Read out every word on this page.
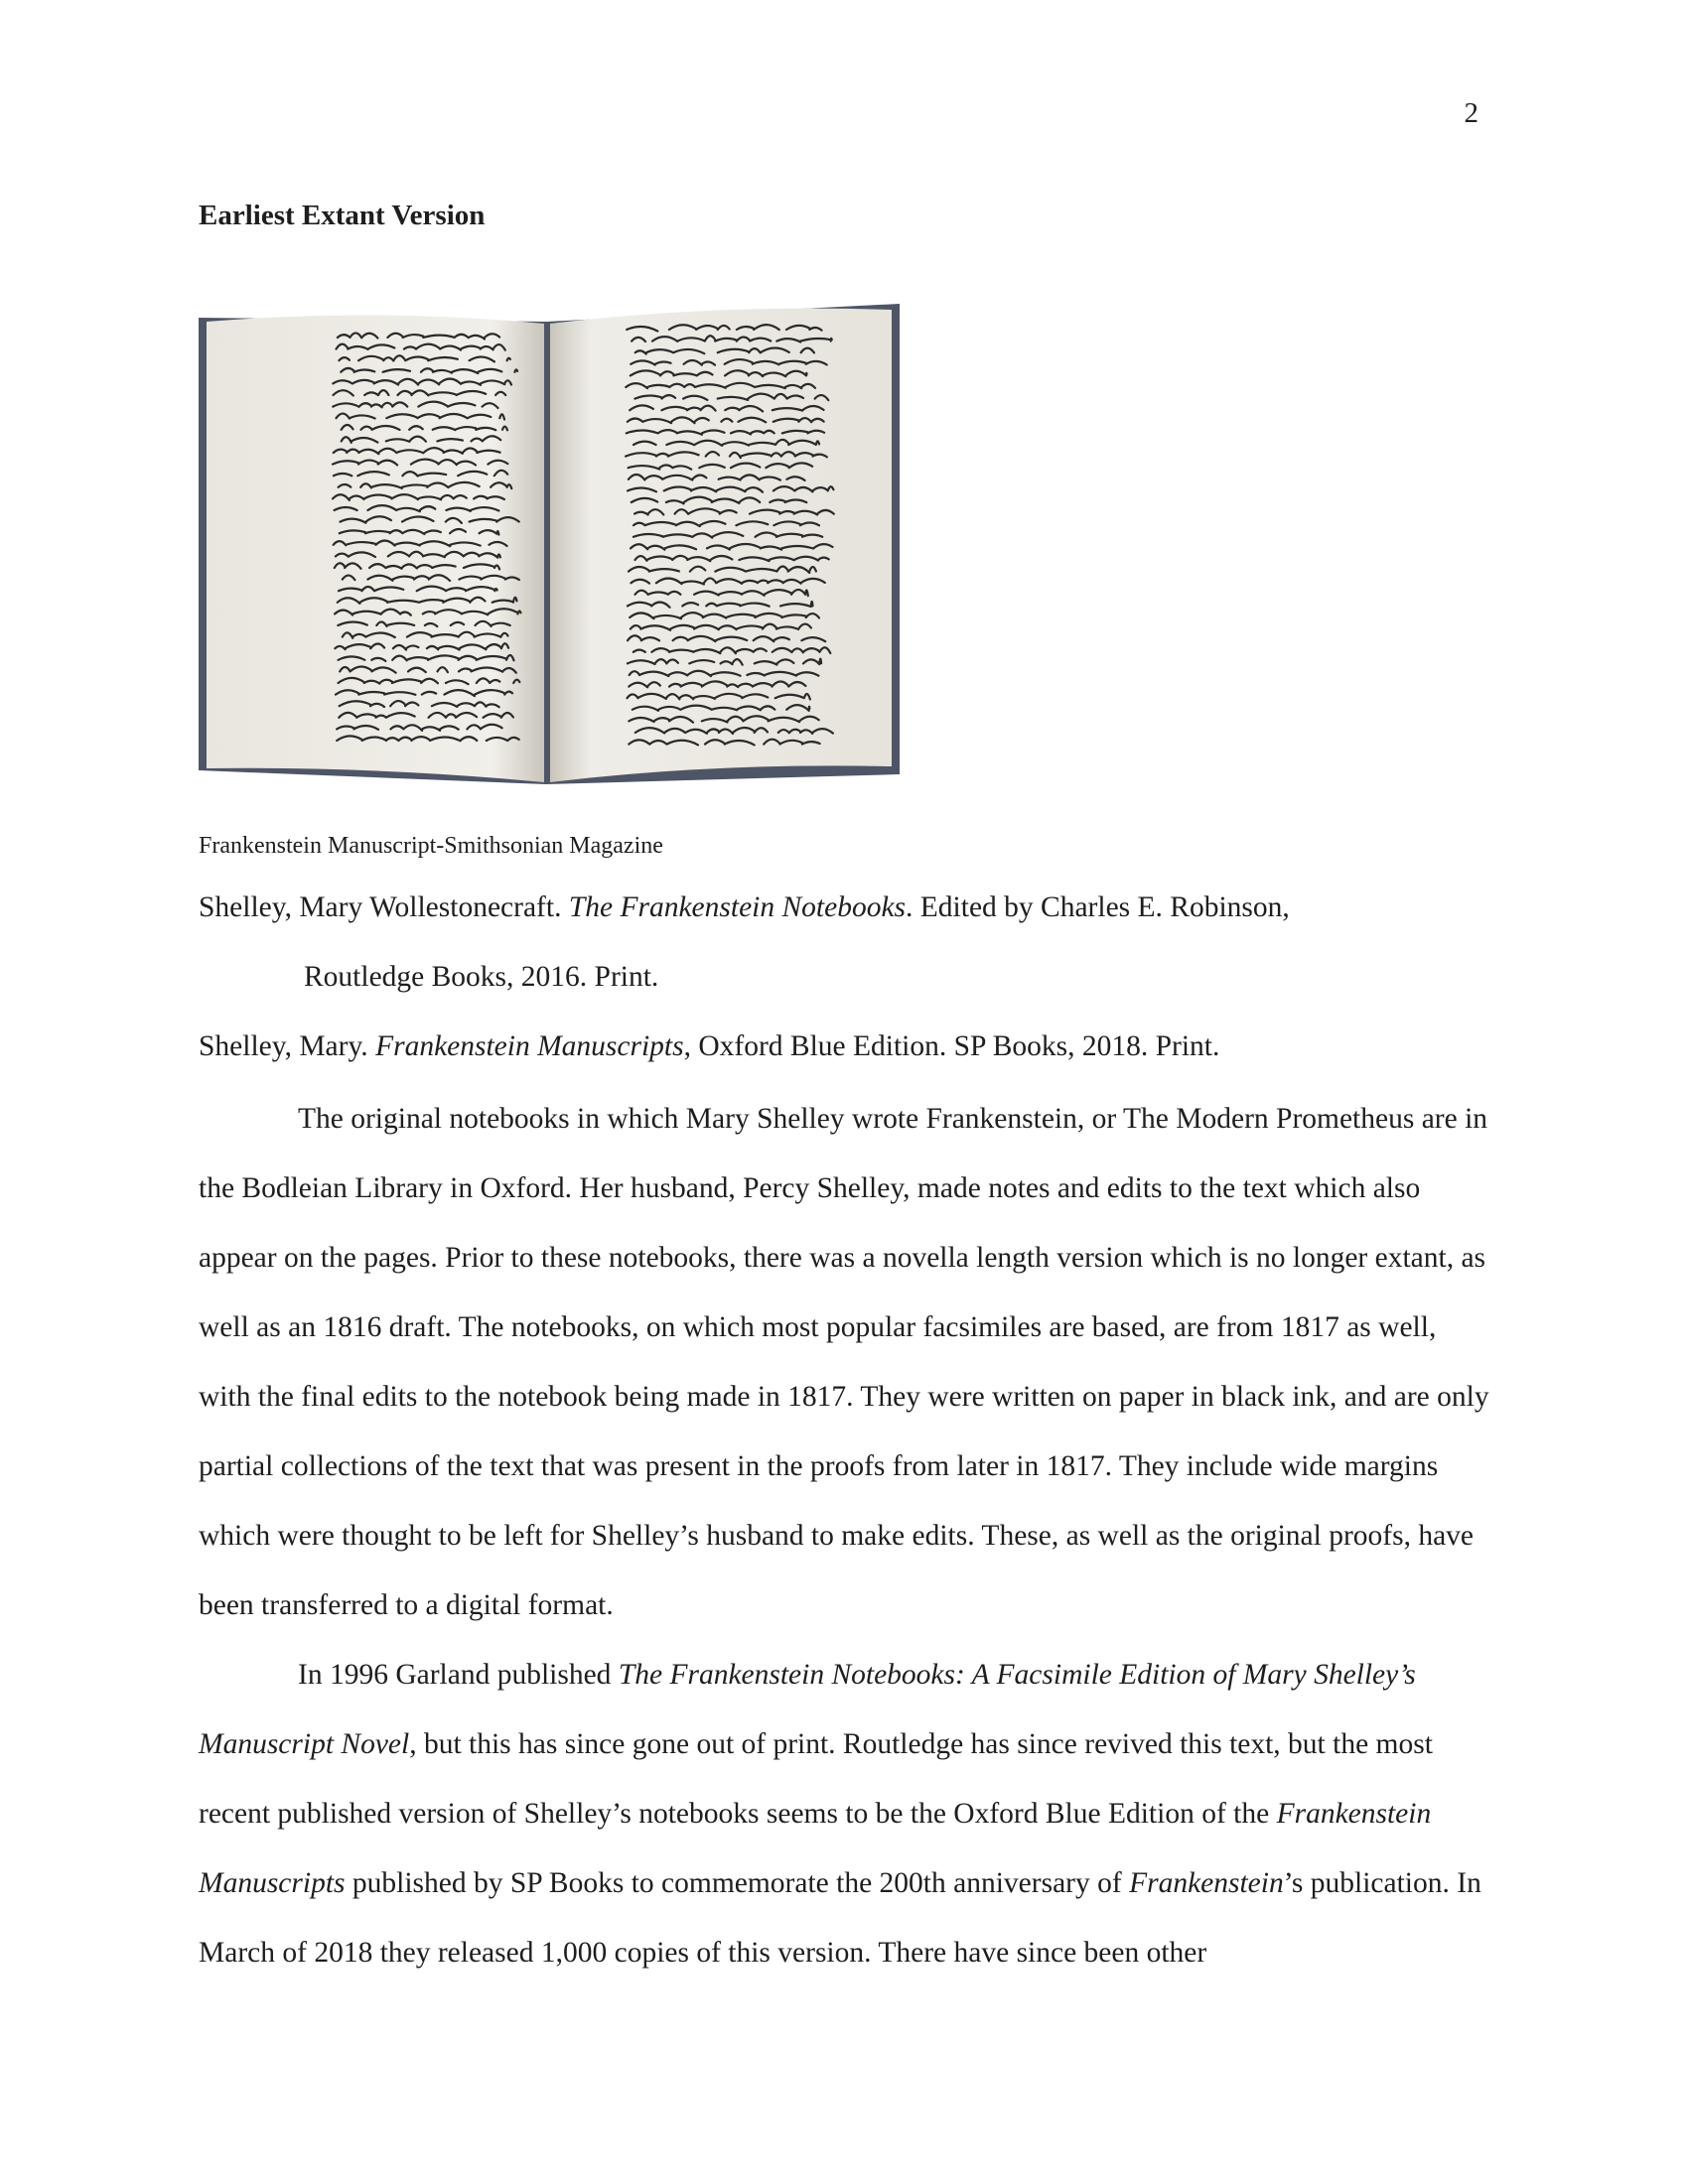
2
Earliest Extant Version
Frankenstein Manuscript-Smithsonian Magazine
Shelley, Mary Wollestonecraft. The Frankenstein Notebooks. Edited by Charles E. Robinson,
Routledge Books, 2016. Print.
Shelley, Mary. Frankenstein Manuscripts, Oxford Blue Edition. SP Books, 2018. Print.

The original notebooks in which Mary Shelley wrote Frankenstein, or The Modern Prometheus are in the Bodleian Library in Oxford. Her husband, Percy Shelley, made notes and edits to the text which also appear on the pages. Prior to these notebooks, there was a novella length version which is no longer extant, as well as an 1816 draft. The notebooks, on which most popular facsimiles are based, are from 1817 as well, with the final edits to the notebook being made in 1817. They were written on paper in black ink, and are only partial collections of the text that was present in the proofs from later in 1817. They include wide margins which were thought to be left for Shelley’s husband to make edits. These, as well as the original proofs, have been transferred to a digital format.

In 1996 Garland published The Frankenstein Notebooks: A Facsimile Edition of Mary Shelley’s Manuscript Novel, but this has since gone out of print. Routledge has since revived this text, but the most recent published version of Shelley’s notebooks seems to be the Oxford Blue Edition of the Frankenstein Manuscripts published by SP Books to commemorate the 200th anniversary of Frankenstein’s publication. In March of 2018 they released 1,000 copies of this version. There have since been other
